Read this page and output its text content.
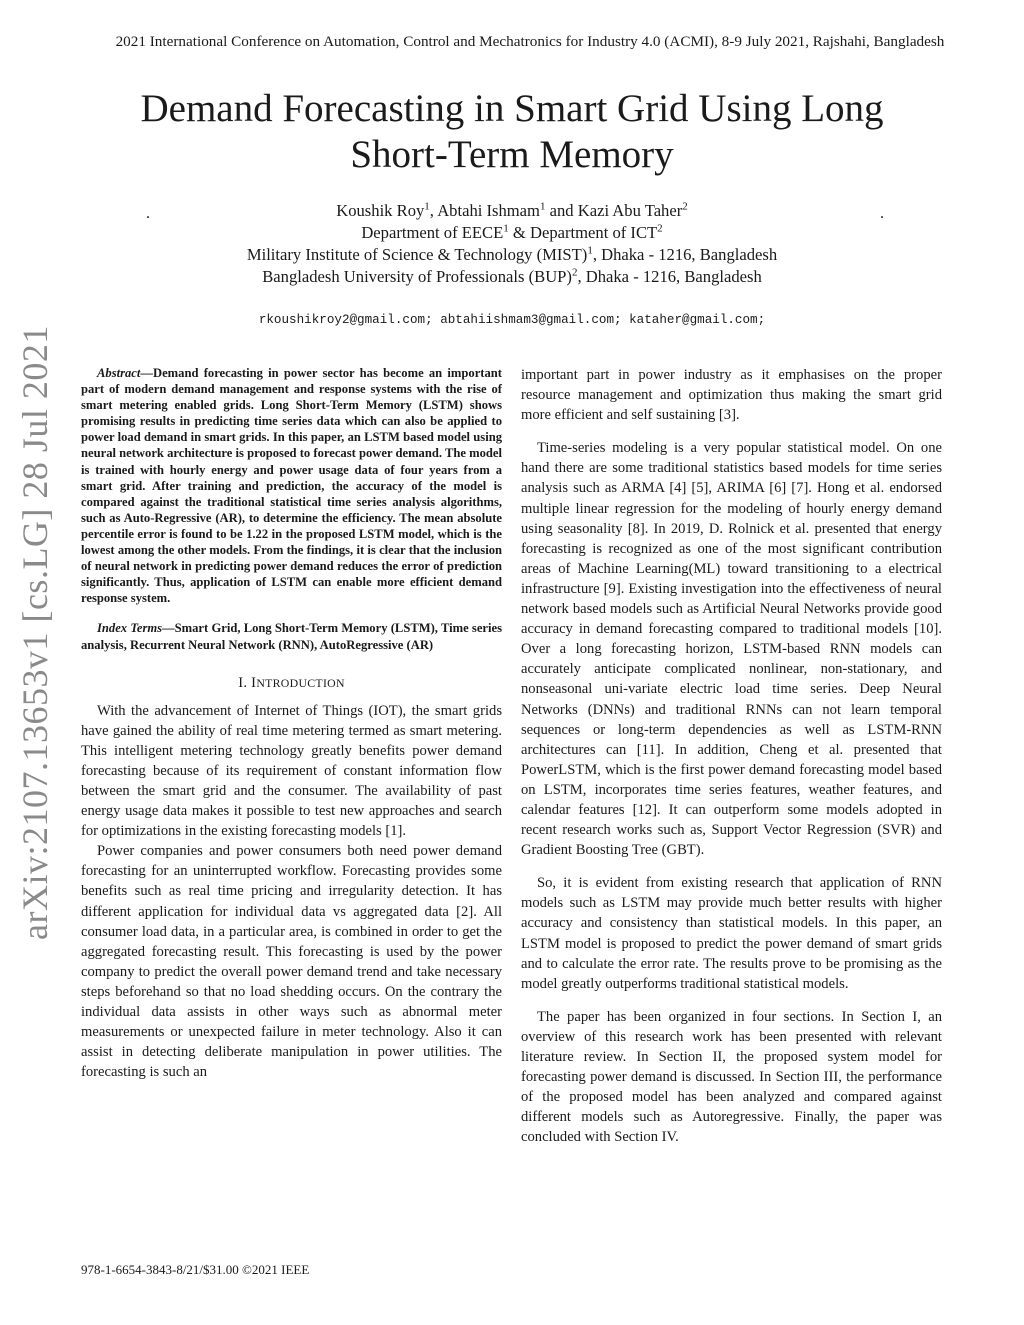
2021 International Conference on Automation, Control and Mechatronics for Industry 4.0 (ACMI), 8-9 July 2021, Rajshahi, Bangladesh
arXiv:2107.13653v1 [cs.LG] 28 Jul 2021
Demand Forecasting in Smart Grid Using Long
Short-Term Memory
.	.
Koushik Roy$^1$, Abtahi Ishmam$^1$ and Kazi Abu Taher$^2$
Department of EECE$^1$ & Department of ICT$^2$
Military Institute of Science & Technology (MIST)$^1$, Dhaka - 1216, Bangladesh
Bangladesh University of Professionals (BUP)$^2$, Dhaka - 1216, Bangladesh
rkoushikroy2@gmail.com; abtahiishmam3@gmail.com; kataher@gmail.com;

Abstract—Demand forecasting in power sector has become an important part of modern demand management and response systems with the rise of smart metering enabled grids. Long Short-Term Memory (LSTM) shows promising results in predicting time series data which can also be applied to power load demand in smart grids. In this paper, an LSTM based model using neural network architecture is proposed to forecast power demand. The model is trained with hourly energy and power usage data of four years from a smart grid. After training and prediction, the accuracy of the model is compared against the traditional statistical time series analysis algorithms, such as Auto-Regressive (AR), to determine the efficiency. The mean absolute percentile error is found to be 1.22 in the proposed LSTM model, which is the lowest among the other models. From the findings, it is clear that the inclusion of neural network in predicting power demand reduces the error of prediction significantly. Thus, application of LSTM can enable more efficient demand response system.

Index Terms—Smart Grid, Long Short-Term Memory (LSTM), Time series analysis, Recurrent Neural Network (RNN), AutoRegressive (AR)

I. INTRODUCTION

With the advancement of Internet of Things (IOT), the smart grids have gained the ability of real time metering termed as smart metering. This intelligent metering technology greatly benefits power demand forecasting because of its requirement of constant information flow between the smart grid and the consumer. The availability of past energy usage data makes it possible to test new approaches and search for optimizations in the existing forecasting models [1].

Power companies and power consumers both need power demand forecasting for an uninterrupted workflow. Forecasting provides some benefits such as real time pricing and irregularity detection. It has different application for individual data vs aggregated data [2]. All consumer load data, in a particular area, is combined in order to get the aggregated forecasting result. This forecasting is used by the power company to predict the overall power demand trend and take necessary steps beforehand so that no load shedding occurs. On the contrary the individual data assists in other ways such as abnormal meter measurements or unexpected failure in meter technology. Also it can assist in detecting deliberate manipulation in power utilities. The forecasting is such an

important part in power industry as it emphasises on the proper resource management and optimization thus making the smart grid more efficient and self sustaining [3].

Time-series modeling is a very popular statistical model. On one hand there are some traditional statistics based models for time series analysis such as ARMA [4] [5], ARIMA [6] [7]. Hong et al. endorsed multiple linear regression for the modeling of hourly energy demand using seasonality [8]. In 2019, D. Rolnick et al. presented that energy forecasting is recognized as one of the most significant contribution areas of Machine Learning(ML) toward transitioning to a electrical infrastructure [9]. Existing investigation into the effectiveness of neural network based models such as Artificial Neural Networks provide good accuracy in demand forecasting compared to traditional models [10]. Over a long forecasting horizon, LSTM-based RNN models can accurately anticipate complicated nonlinear, non-stationary, and nonseasonal uni-variate electric load time series. Deep Neural Networks (DNNs) and traditional RNNs can not learn temporal sequences or long-term dependencies as well as LSTM-RNN architectures can [11]. In addition, Cheng et al. presented that PowerLSTM, which is the first power demand forecasting model based on LSTM, incorporates time series features, weather features, and calendar features [12]. It can outperform some models adopted in recent research works such as, Support Vector Regression (SVR) and Gradient Boosting Tree (GBT).

So, it is evident from existing research that application of RNN models such as LSTM may provide much better results with higher accuracy and consistency than statistical models. In this paper, an LSTM model is proposed to predict the power demand of smart grids and to calculate the error rate. The results prove to be promising as the model greatly outperforms traditional statistical models.

The paper has been organized in four sections. In Section I, an overview of this research work has been presented with relevant literature review. In Section II, the proposed system model for forecasting power demand is discussed. In Section III, the performance of the proposed model has been analyzed and compared against different models such as Autoregressive. Finally, the paper was concluded with Section IV.

978-1-6654-3843-8/21/$31.00 ©2021 IEEE
